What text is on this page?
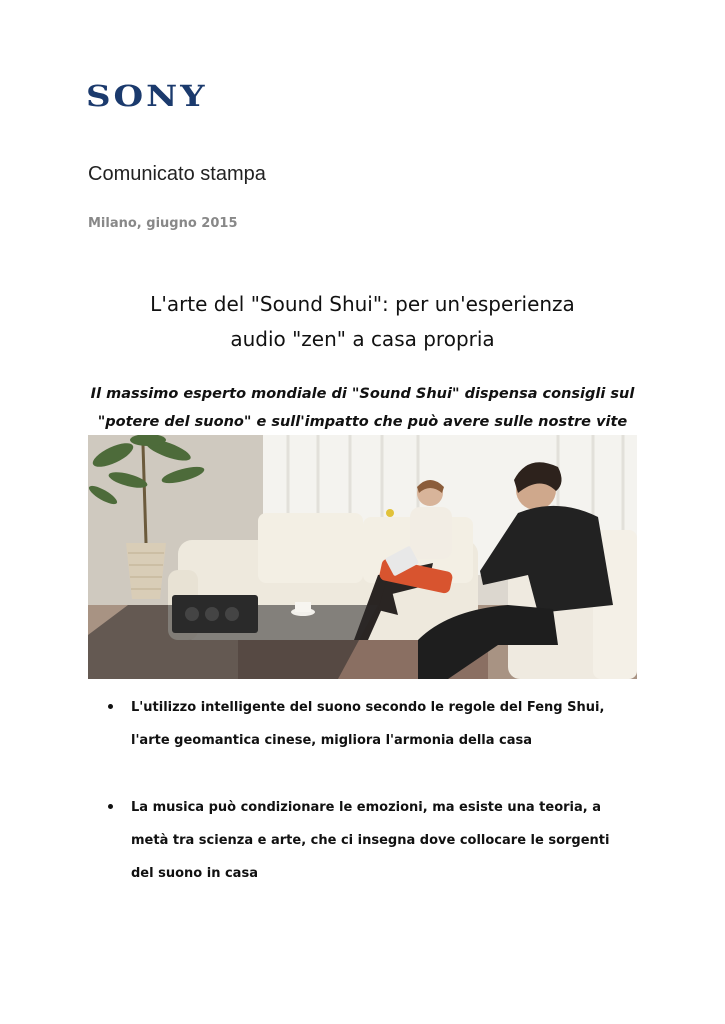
SONY
Comunicato stampa
Milano, giugno 2015
L'arte del "Sound Shui": per un'esperienza
audio "zen" a casa propria
Il massimo esperto mondiale di "Sound Shui" dispensa consigli sul
"potere del suono" e sull'impatto che può avere sulle nostre vite
L'utilizzo intelligente del suono secondo le regole del Feng Shui,
l'arte geomantica cinese, migliora l'armonia della casa
La musica può condizionare le emozioni, ma esiste una teoria, a
metà tra scienza e arte, che ci insegna dove collocare le sorgenti
del suono in casa
